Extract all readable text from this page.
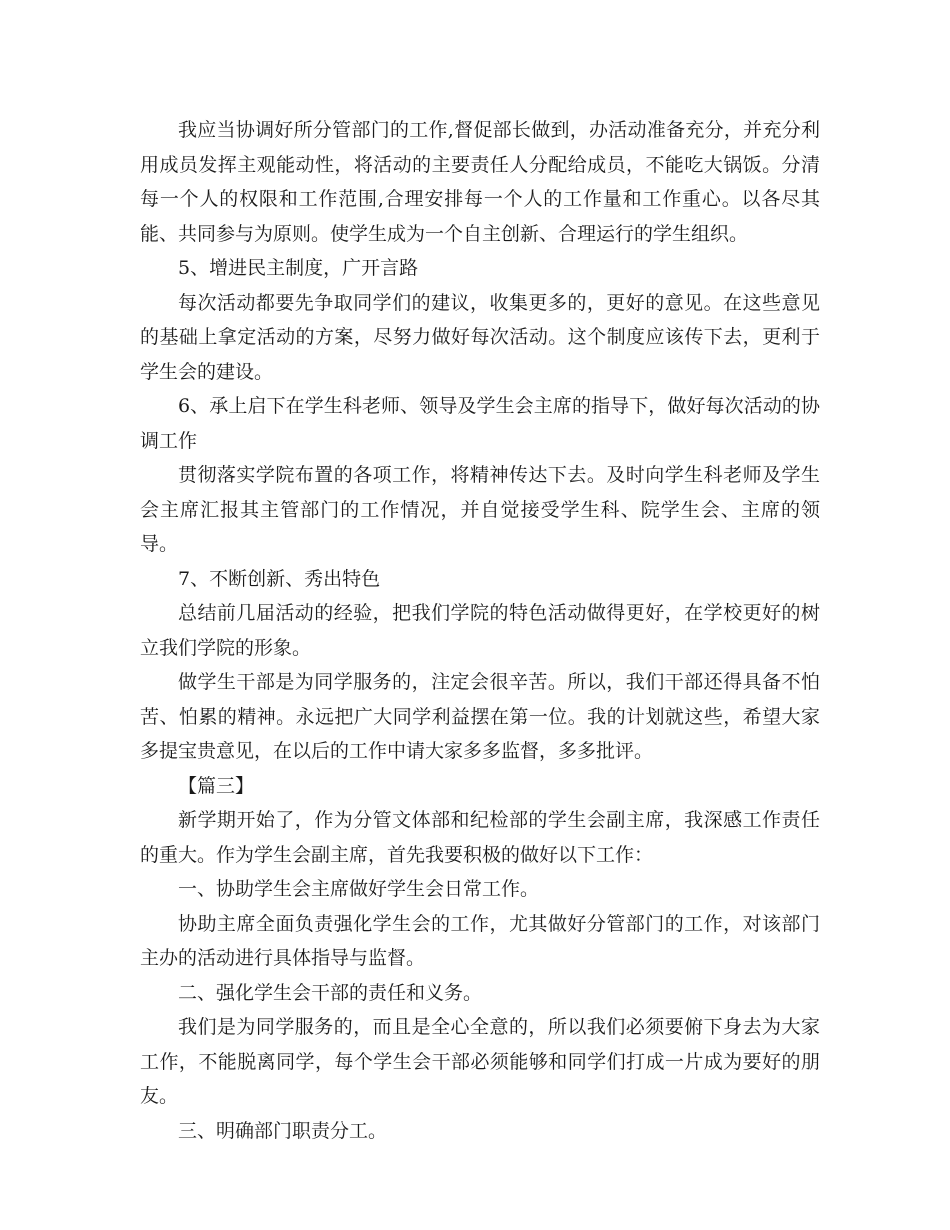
我应当协调好所分管部门的工作,督促部长做到，办活动准备充分，并充分利用成员发挥主观能动性，将活动的主要责任人分配给成员，不能吃大锅饭。分清每一个人的权限和工作范围,合理安排每一个人的工作量和工作重心。以各尽其能、共同参与为原则。使学生成为一个自主创新、合理运行的学生组织。

5、增进民主制度，广开言路

每次活动都要先争取同学们的建议，收集更多的，更好的意见。在这些意见的基础上拿定活动的方案，尽努力做好每次活动。这个制度应该传下去，更利于学生会的建设。

6、承上启下在学生科老师、领导及学生会主席的指导下，做好每次活动的协调工作

贯彻落实学院布置的各项工作，将精神传达下去。及时向学生科老师及学生会主席汇报其主管部门的工作情况，并自觉接受学生科、院学生会、主席的领导。

7、不断创新、秀出特色

总结前几届活动的经验，把我们学院的特色活动做得更好，在学校更好的树立我们学院的形象。

做学生干部是为同学服务的，注定会很辛苦。所以，我们干部还得具备不怕苦、怕累的精神。永远把广大同学利益摆在第一位。我的计划就这些，希望大家多提宝贵意见，在以后的工作中请大家多多监督，多多批评。

【篇三】

新学期开始了，作为分管文体部和纪检部的学生会副主席，我深感工作责任的重大。作为学生会副主席，首先我要积极的做好以下工作：

一、协助学生会主席做好学生会日常工作。

协助主席全面负责强化学生会的工作，尤其做好分管部门的工作，对该部门主办的活动进行具体指导与监督。

二、强化学生会干部的责任和义务。

我们是为同学服务的，而且是全心全意的，所以我们必须要俯下身去为大家工作，不能脱离同学，每个学生会干部必须能够和同学们打成一片成为要好的朋友。

三、明确部门职责分工。
